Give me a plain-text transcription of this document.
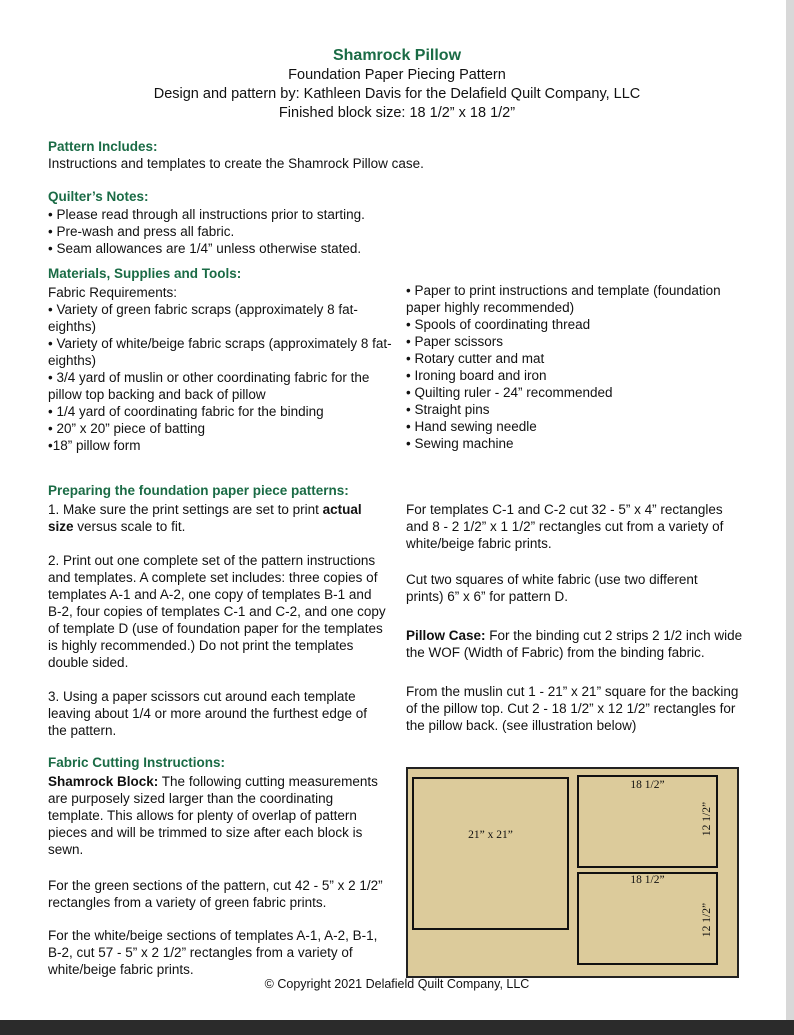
Shamrock Pillow
Foundation Paper Piecing Pattern
Design and pattern by: Kathleen Davis for the Delafield Quilt Company, LLC
Finished block size: 18 1/2” x 18 1/2”
Pattern Includes:
Instructions and templates to create the Shamrock Pillow case.
Quilter’s Notes:
• Please read through all instructions prior to starting.
• Pre-wash and press all fabric.
• Seam allowances are 1/4” unless otherwise stated.
Materials, Supplies and Tools:
Fabric Requirements:
• Variety of green fabric scraps (approximately 8 fat-eighths)
• Variety of white/beige fabric scraps (approximately 8 fat-eighths)
• 3/4 yard of muslin or other coordinating fabric for the pillow top backing and back of pillow
• 1/4 yard of coordinating fabric for the binding
• 20” x 20” piece of batting
•18” pillow form
• Paper to print instructions and template (foundation paper highly recommended)
• Spools of coordinating thread
• Paper scissors
• Rotary cutter and mat
• Ironing board and iron
• Quilting ruler - 24” recommended
• Straight pins
• Hand sewing needle
• Sewing machine
Preparing the foundation paper piece patterns:
1. Make sure the print settings are set to print actual size versus scale to fit.
2. Print out one complete set of the pattern instructions and templates. A complete set includes: three copies of templates A-1 and A-2, one copy of templates B-1 and B-2, four copies of templates C-1 and C-2, and one copy of template D (use of foundation paper for the templates is highly recommended.) Do not print the templates double sided.
3. Using a paper scissors cut around each template leaving about 1/4 or more around the furthest edge of the pattern.
Fabric Cutting Instructions:
Shamrock Block: The following cutting measurements are purposely sized larger than the coordinating template. This allows for plenty of overlap of pattern pieces and will be trimmed to size after each block is sewn.
For the green sections of the pattern, cut 42 - 5” x 2 1/2” rectangles from a variety of green fabric prints.
For the white/beige sections of templates A-1, A-2, B-1, B-2, cut 57 - 5” x 2 1/2” rectangles from a variety of white/beige fabric prints.
For templates C-1 and C-2 cut 32 - 5” x 4” rectangles and 8 - 2 1/2” x 1 1/2” rectangles cut from a variety of white/beige fabric prints.
Cut two squares of white fabric (use two different prints) 6” x 6” for pattern D.
Pillow Case: For the binding cut 2 strips 2 1/2 inch wide the WOF (Width of Fabric) from the binding fabric.
From the muslin cut 1 - 21” x 21” square for the backing of the pillow top. Cut 2 - 18 1/2” x 12 1/2” rectangles for the pillow back. (see illustration below)
21” x 21”
18 1/2”
12 1/2”
18 1/2”
12 1/2”
© Copyright 2021 Delafield Quilt Company, LLC
